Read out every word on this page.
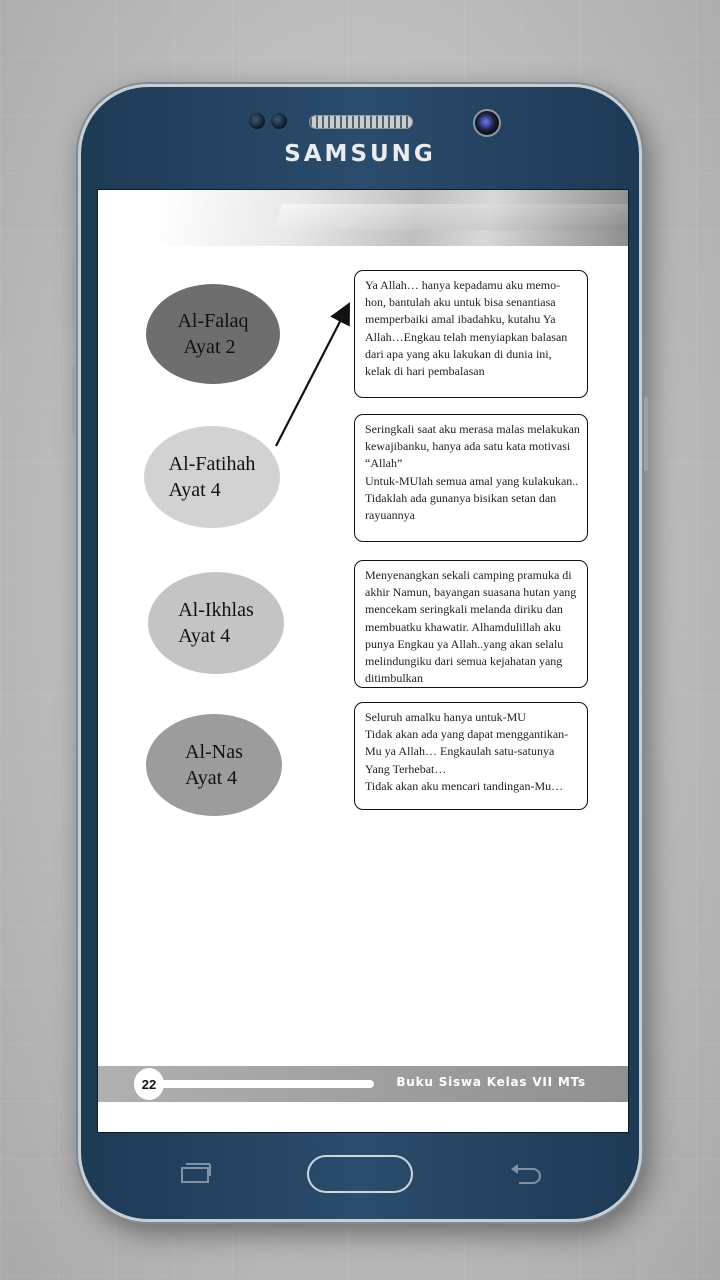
SAMSUNG
Al-Falaq
Ayat 2

Ya Allah… hanya kepadamu aku memo-

hon, bantulah aku untuk bisa senantiasa

memperbaiki amal ibadahku, kutahu Ya

Allah…Engkau telah menyiapkan balasan

dari apa yang aku lakukan di dunia ini,

kelak di hari pembalasan

Al-Fatihah
Ayat 4

Seringkali saat aku merasa malas melakukan

kewajibanku, hanya ada satu kata motivasi

“Allah”

Untuk-MUlah semua amal yang kulakukan..

Tidaklah ada gunanya bisikan setan dan

rayuannya

Al-Ikhlas
Ayat 4

Menyenangkan sekali camping pramuka di

akhir Namun, bayangan suasana hutan yang

mencekam seringkali melanda diriku dan

membuatku khawatir. Alhamdulillah aku

punya Engkau ya Allah..yang akan selalu

melindungiku dari semua kejahatan yang

ditimbulkan

Al-Nas
Ayat 4

Seluruh amalku hanya untuk-MU

Tidak akan ada yang dapat menggantikan-

Mu ya Allah… Engkaulah satu-satunya

Yang Terhebat…

Tidak akan aku mencari tandingan-Mu…

22	Buku Siswa Kelas VII MTs
